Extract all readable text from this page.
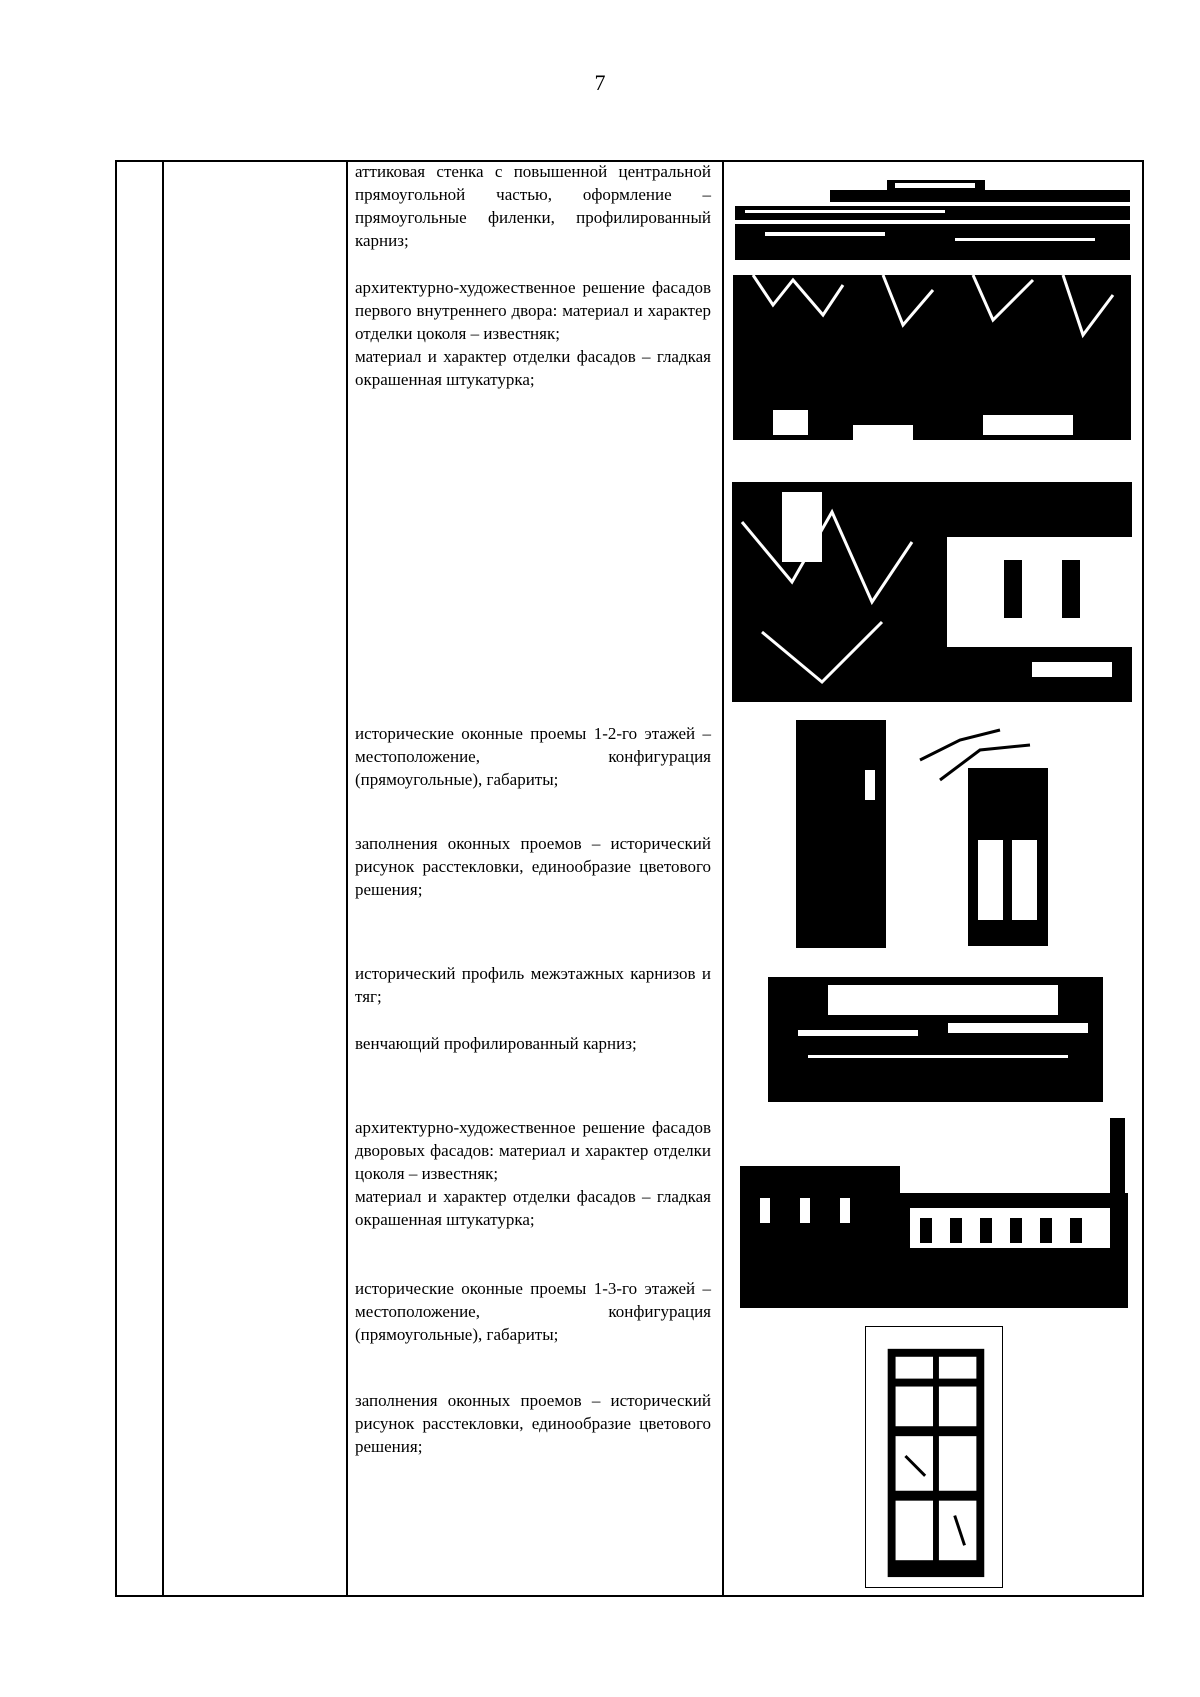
7

аттиковая стенка с повышенной центральной прямоугольной частью, оформление – прямоугольные филенки, профилированный карниз;

архитектурно-художественное решение фасадов первого внутреннего двора: материал и характер отделки цоколя – известняк;

материал и характер отделки фасадов – гладкая окрашенная штукатурка;

исторические оконные проемы 1-2-го этажей – местоположение, конфигурация (прямоугольные), габариты;

заполнения оконных проемов – исторический рисунок расстекловки, единообразие цветового решения;

исторический профиль межэтажных карнизов и тяг;

венчающий профилированный карниз;

архитектурно-художественное решение фасадов дворовых фасадов: материал и характер отделки цоколя – известняк;

материал и характер отделки фасадов – гладкая окрашенная штукатурка;

исторические оконные проемы 1-3-го этажей – местоположение, конфигурация (прямоугольные), габариты;

заполнения оконных проемов – исторический рисунок расстекловки, единообразие цветового решения;
